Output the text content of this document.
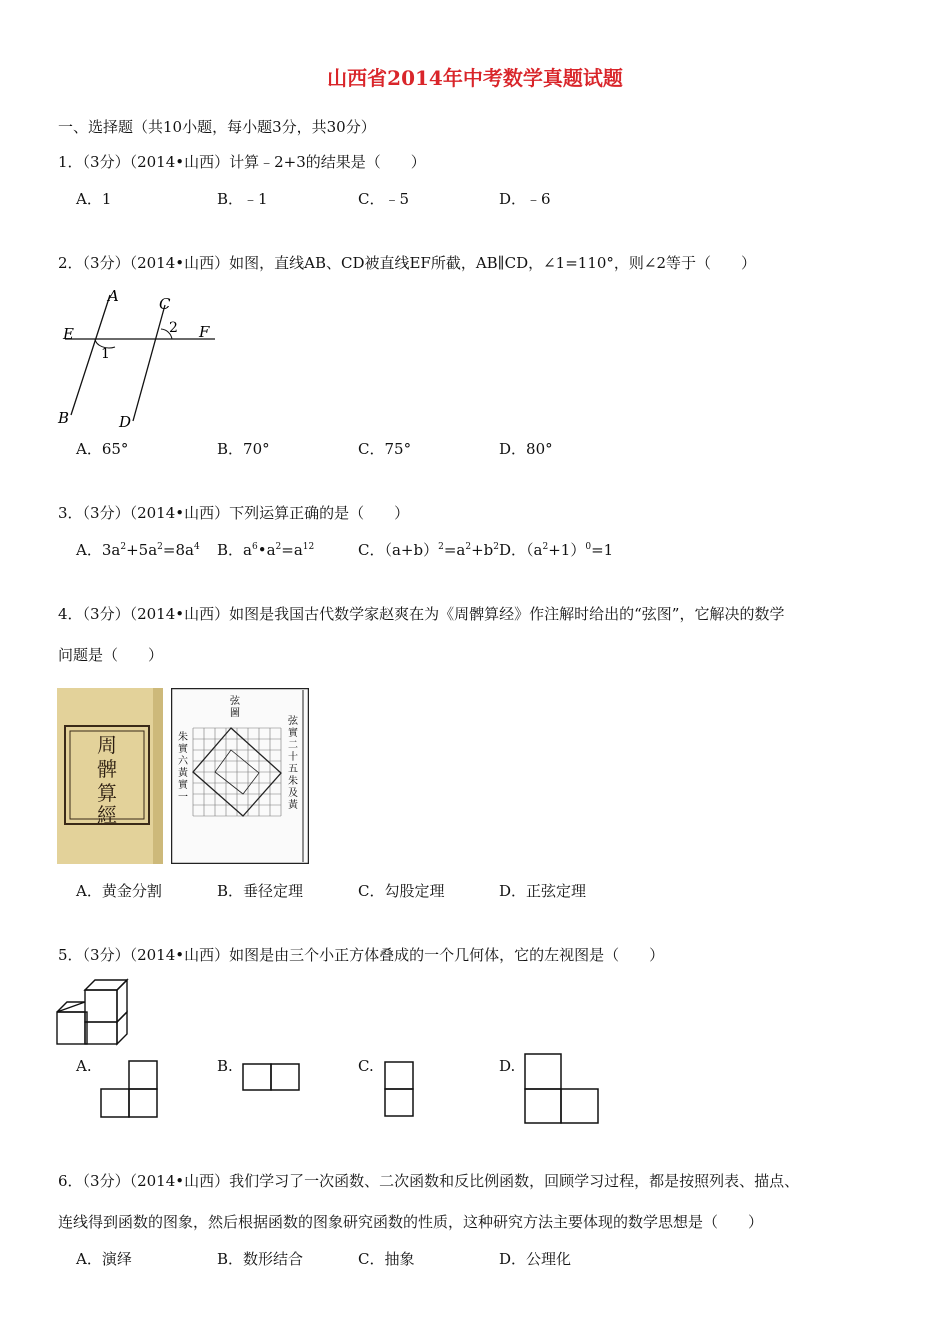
山西省2014年中考数学真题试题
一、选择题（共10小题，每小题3分，共30分）
1．（3分）（2014•山西）计算﹣2+3的结果是（　　）
A．1	B．﹣1	C．﹣5	D．﹣6
2．（3分）（2014•山西）如图，直线AB、CD被直线EF所截，AB∥CD，∠1=110°，则∠2等于（　　）
A	C
E	F
2
1
B	D
A．65°	B．70°	C．75°	D．80°
3．（3分）（2014•山西）下列运算正确的是（　　）
A．$3a^2+5a^2=8a^4$ B．$a^6•a^2=a^{12}$	C．$(a+b)^2=a^2+b^2$ D．$(a^2+1)^0=1$
4．（3分）（2014•山西）如图是我国古代数学家赵爽在为《周髀算经》作注解时给出的“弦图”，它解决的数学
问题是（　　）
周
髀
算
經
弦
圖
朱
實
六
黃
實
一
弦
實
二
十
五
朱
及
黃
A．黄金分割	B．垂径定理	C．勾股定理	D．正弦定理
5．（3分）（2014•山西）如图是由三个小正方体叠成的一个几何体，它的左视图是（　　）
A.	B.	C.	D.
6．（3分）（2014•山西）我们学习了一次函数、二次函数和反比例函数，回顾学习过程，都是按照列表、描点、
连线得到函数的图象，然后根据函数的图象研究函数的性质，这种研究方法主要体现的数学思想是（　　）
A．演绎	B．数形结合	C．抽象	D．公理化
